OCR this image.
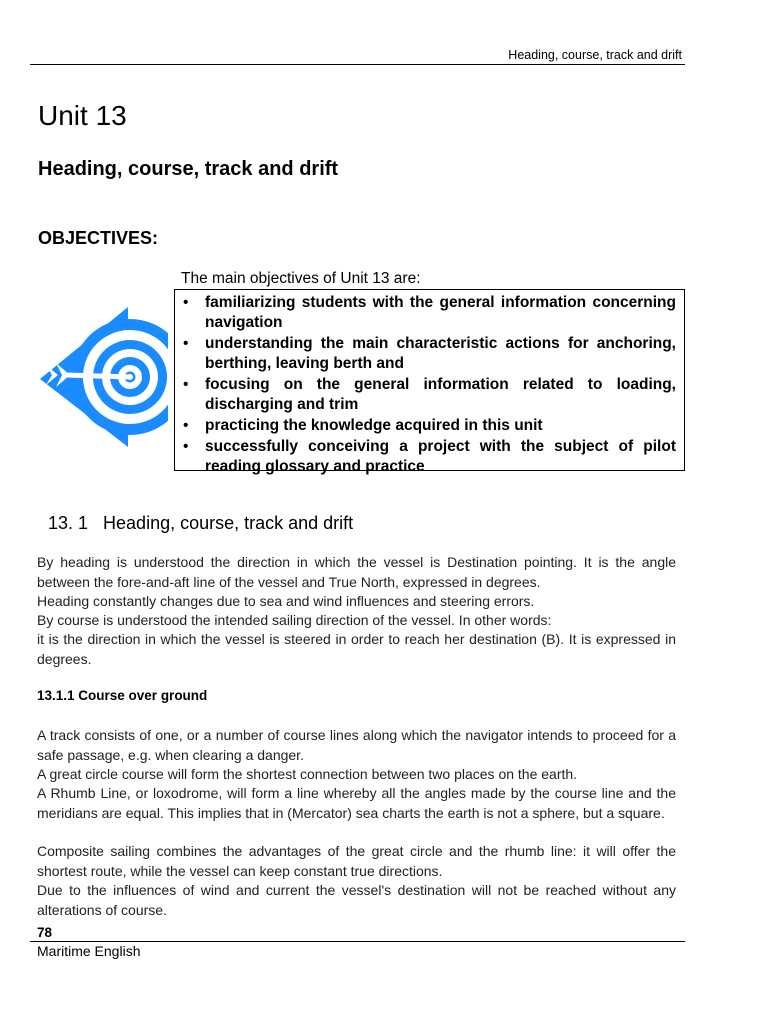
Heading, course, track and drift
Unit 13
Heading, course, track and drift
OBJECTIVES:
The main objectives of Unit 13 are:
• familiarizing students with the general information concerning navigation
• understanding the main characteristic actions for anchoring, berthing, leaving berth and
• focusing on the general information related to loading, discharging and trim
• practicing the knowledge acquired in this unit
• successfully conceiving a project with the subject of pilot reading glossary and practice
13. 1   Heading, course, track and drift

By heading is understood the direction in which the vessel is Destination pointing. It is the angle between the fore-and-aft line of the vessel and True North, expressed in degrees.

Heading constantly changes due to sea and wind influences and steering errors.

By course is understood the intended sailing direction of the vessel. In other words:

it is the direction in which the vessel is steered in order to reach her destination (B). It is expressed in degrees.

13.1.1 Course over ground

A track consists of one, or a number of course lines along which the navigator intends to proceed for a safe passage, e.g. when clearing a danger.

A great circle course will form the shortest connection between two places on the earth.

A Rhumb Line, or loxodrome, will form a line whereby all the angles made by the course line and the meridians are equal. This implies that in (Mercator) sea charts the earth is not a sphere, but a square.

Composite sailing combines the advantages of the great circle and the rhumb line: it will offer the shortest route, while the vessel can keep constant true directions.

Due to the influences of wind and current the vessel's destination will not be reached without any alterations of course.

78
Maritime English
